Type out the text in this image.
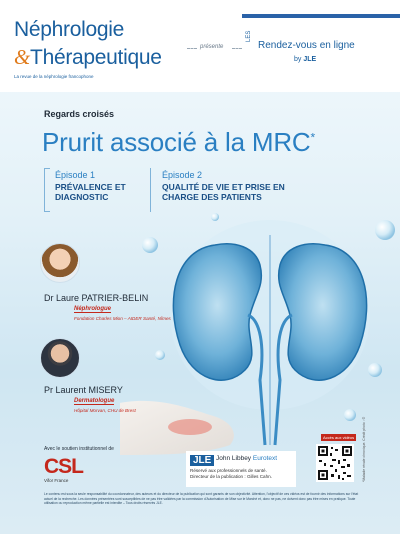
Néphrologie
&Thérapeutique
La revue de la néphrologie francophone
présente
LES
Rendez-vous en ligne
by JLE
Regards croisés
Prurit associé à la MRC*
Épisode 1
PRÉVALENCE ET DIAGNOSTIC
Épisode 2
QUALITÉ DE VIE ET PRISE EN CHARGE DES PATIENTS
Dr Laure PATRIER-BELIN
Néphrologue
Fondation Charles Mion – AIDER Santé, Nîmes
Pr Laurent MISERY
Dermatologue
Hôpital Morvan, CHU de Brest
Avec le soutien institutionnel de
CSL
Vifor France
JLE John Libbey Eurotext
Réservé aux professionnels de santé.
Directeur de la publication : Gilles Cahn.
Accès aux vidéos	*Maladie rénale chronique. Crédit photo : ©
Le contenu est sous la seule responsabilité du coordonnateur, des auteurs et du directeur de la publication qui sont garants de son objectivité. Attention, l'objectif de ces vidéos est de fournir des informations sur l'état actuel de la recherche. Les données présentées sont susceptibles de ne pas être validées par la commission d'Autorisation de Mise sur le Marché et, donc ne pas, ne doivent donc pas être mises en pratique. Toute utilisation ou reproduction même partielle est interdite – Tous droits réservés JLE.
